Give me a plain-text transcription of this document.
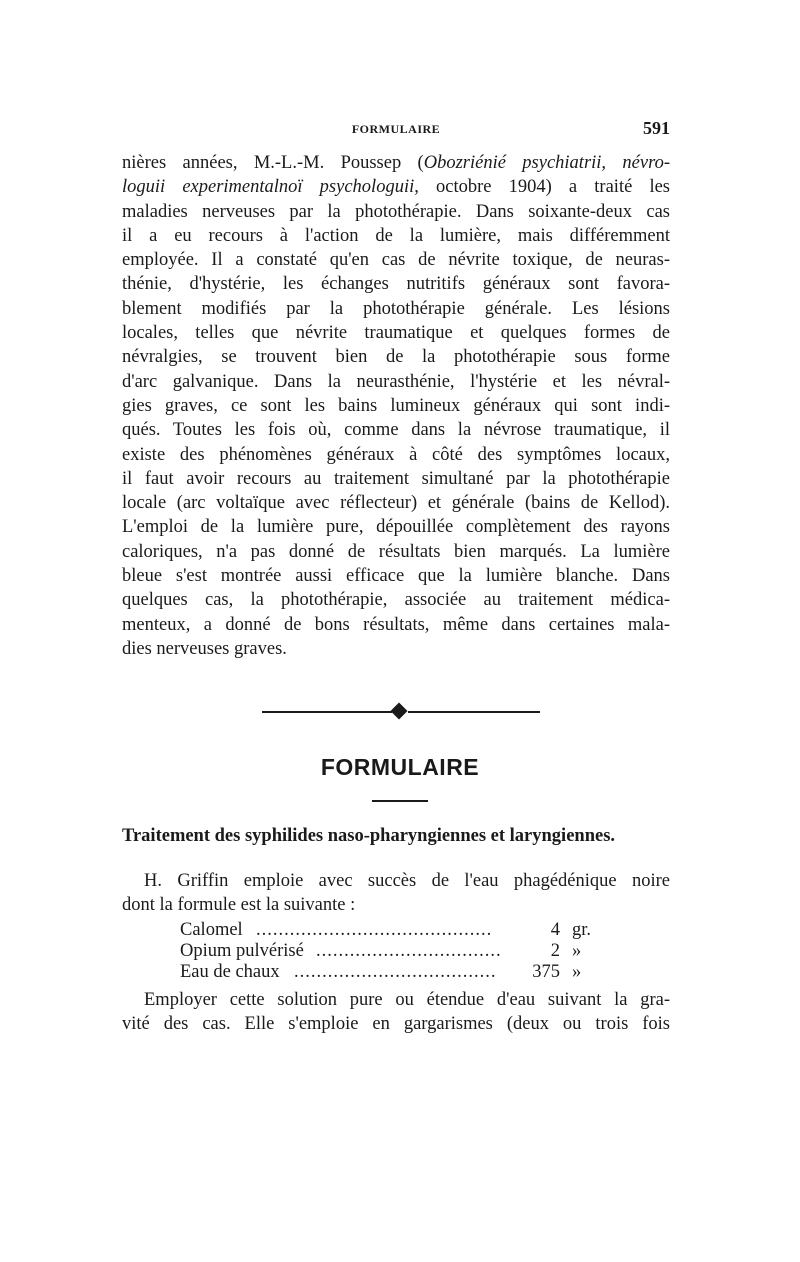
FORMULAIRE	591
nières années, M.-L.-M. Poussep (Obozriénié psychiatrii, névro-
loguii experimentalnoï psychologuii, octobre 1904) a traité les
maladies nerveuses par la photothérapie. Dans soixante-deux cas
il a eu recours à l'action de la lumière, mais différemment
employée. Il a constaté qu'en cas de névrite toxique, de neuras-
thénie, d'hystérie, les échanges nutritifs généraux sont favora-
blement modifiés par la photothérapie générale. Les lésions
locales, telles que névrite traumatique et quelques formes de
névralgies, se trouvent bien de la photothérapie sous forme
d'arc galvanique. Dans la neurasthénie, l'hystérie et les névral-
gies graves, ce sont les bains lumineux généraux qui sont indi-
qués. Toutes les fois où, comme dans la névrose traumatique, il
existe des phénomènes généraux à côté des symptômes locaux,
il faut avoir recours au traitement simultané par la photothérapie
locale (arc voltaïque avec réflecteur) et générale (bains de Kellod).
L'emploi de la lumière pure, dépouillée complètement des rayons
caloriques, n'a pas donné de résultats bien marqués. La lumière
bleue s'est montrée aussi efficace que la lumière blanche. Dans
quelques cas, la photothérapie, associée au traitement médica-
menteux, a donné de bons résultats, même dans certaines mala-
dies nerveuses graves.
FORMULAIRE
Traitement des syphilides naso-pharyngiennes et laryngiennes.
H. Griffin emploie avec succès de l'eau phagédénique noire
dont la formule est la suivante :
Calomel ..........................................	4 gr.
Opium pulvérisé .................................	2 »
Eau de chaux ....................................	375 »
Employer cette solution pure ou étendue d'eau suivant la gra-
vité des cas. Elle s'emploie en gargarismes (deux ou trois fois
